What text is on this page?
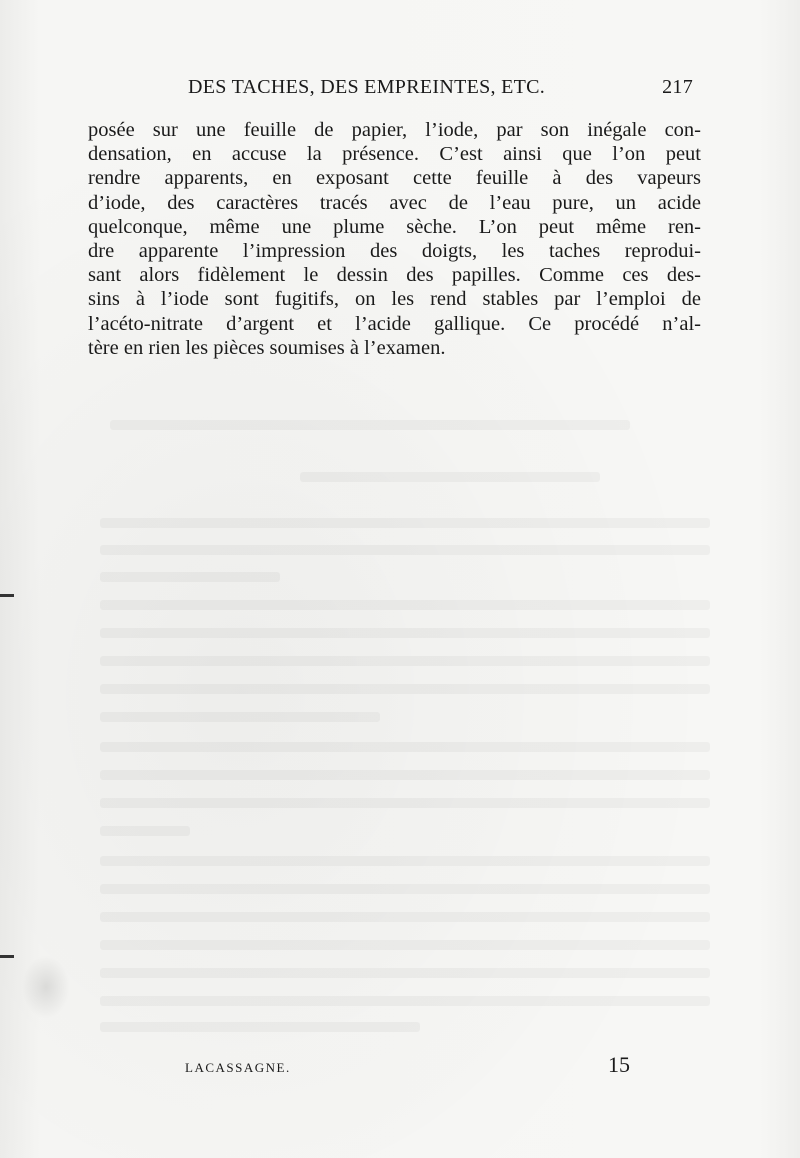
DES TACHES, DES EMPREINTES, ETC.	217
posée sur une feuille de papier, l’iode, par son inégale con-
densation, en accuse la présence. C’est ainsi que l’on peut
rendre apparents, en exposant cette feuille à des vapeurs
d’iode, des caractères tracés avec de l’eau pure, un acide
quelconque, même une plume sèche. L’on peut même ren-
dre apparente l’impression des doigts, les taches reprodui-
sant alors fidèlement le dessin des papilles. Comme ces des-
sins à l’iode sont fugitifs, on les rend stables par l’emploi de
l’acéto-nitrate d’argent et l’acide gallique. Ce procédé n’al-
tère en rien les pièces soumises à l’examen.
LACASSAGNE.	15
